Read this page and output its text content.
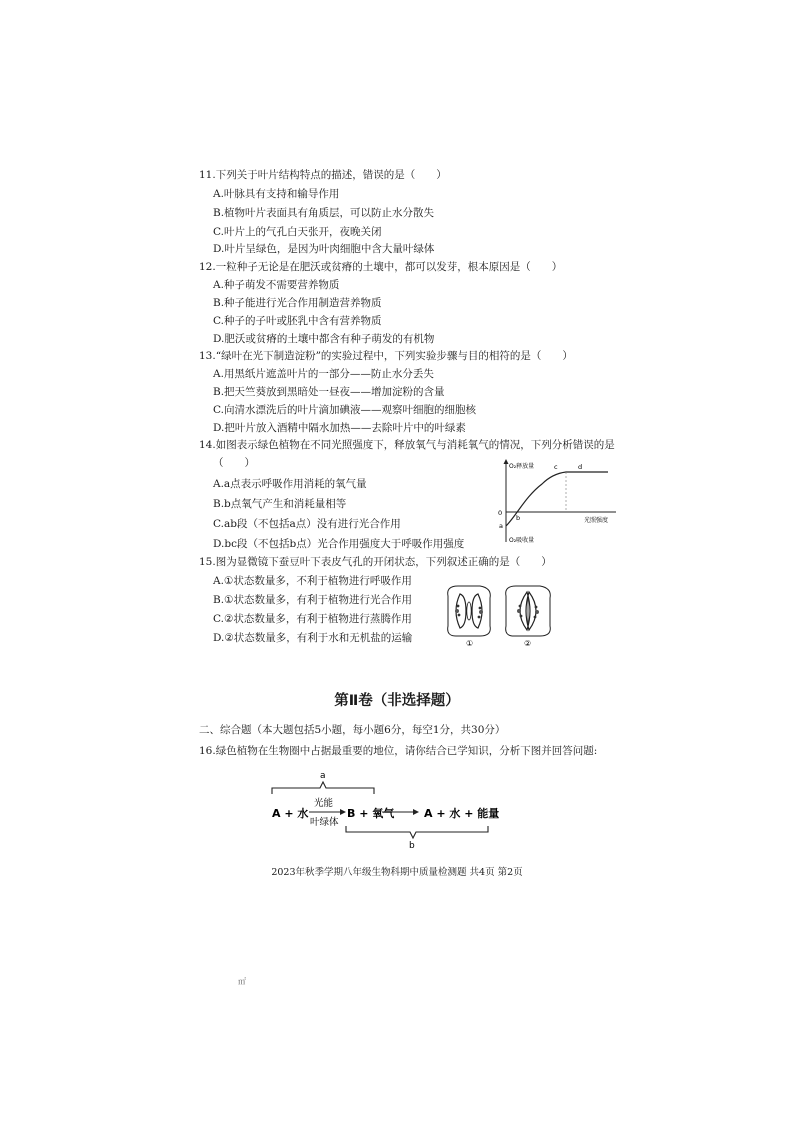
11.下列关于叶片结构特点的描述，错误的是（　　）
A.叶脉具有支持和输导作用
B.植物叶片表面具有角质层，可以防止水分散失
C.叶片上的气孔白天张开，夜晚关闭
D.叶片呈绿色，是因为叶肉细胞中含大量叶绿体
12.一粒种子无论是在肥沃或贫瘠的土壤中，都可以发芽，根本原因是（　　）
A.种子萌发不需要营养物质
B.种子能进行光合作用制造营养物质
C.种子的子叶或胚乳中含有营养物质
D.肥沃或贫瘠的土壤中都含有种子萌发的有机物
13.“绿叶在光下制造淀粉”的实验过程中，下列实验步骤与目的相符的是（　　）
A.用黑纸片遮盖叶片的一部分——防止水分丢失
B.把天竺葵放到黑暗处一昼夜——增加淀粉的含量
C.向清水漂洗后的叶片滴加碘液——观察叶细胞的细胞核
D.把叶片放入酒精中隔水加热——去除叶片中的叶绿素
14.如图表示绿色植物在不同光照强度下，释放氧气与消耗氧气的情况，下列分析错误的是
（　　）
A.a点表示呼吸作用消耗的氧气量
B.b点氧气产生和消耗量相等
C.ab段（不包括a点）没有进行光合作用
D.bc段（不包括b点）光合作用强度大于呼吸作用强度
O₂释放量
O₂吸收量
光照强度
0
a
b
c	d
15.图为显微镜下蚕豆叶下表皮气孔的开闭状态，下列叙述正确的是（　　）
A.①状态数量多，不利于植物进行呼吸作用
B.①状态数量多，有利于植物进行光合作用
C.②状态数量多，有利于植物进行蒸腾作用
D.②状态数量多，有利于水和无机盐的运输	①	②
第Ⅱ卷（非选择题）
二、综合题（本大题包括5小题，每小题6分，每空1分，共30分）
16.绿色植物在生物圈中占据最重要的地位，请你结合已学知识，分析下图并回答问题:
a
A + 水
光能
叶绿体
B + 氧气	A + 水 + 能量
b
2023年秋季学期八年级生物科期中质量检测题 共4页 第2页
㎡
